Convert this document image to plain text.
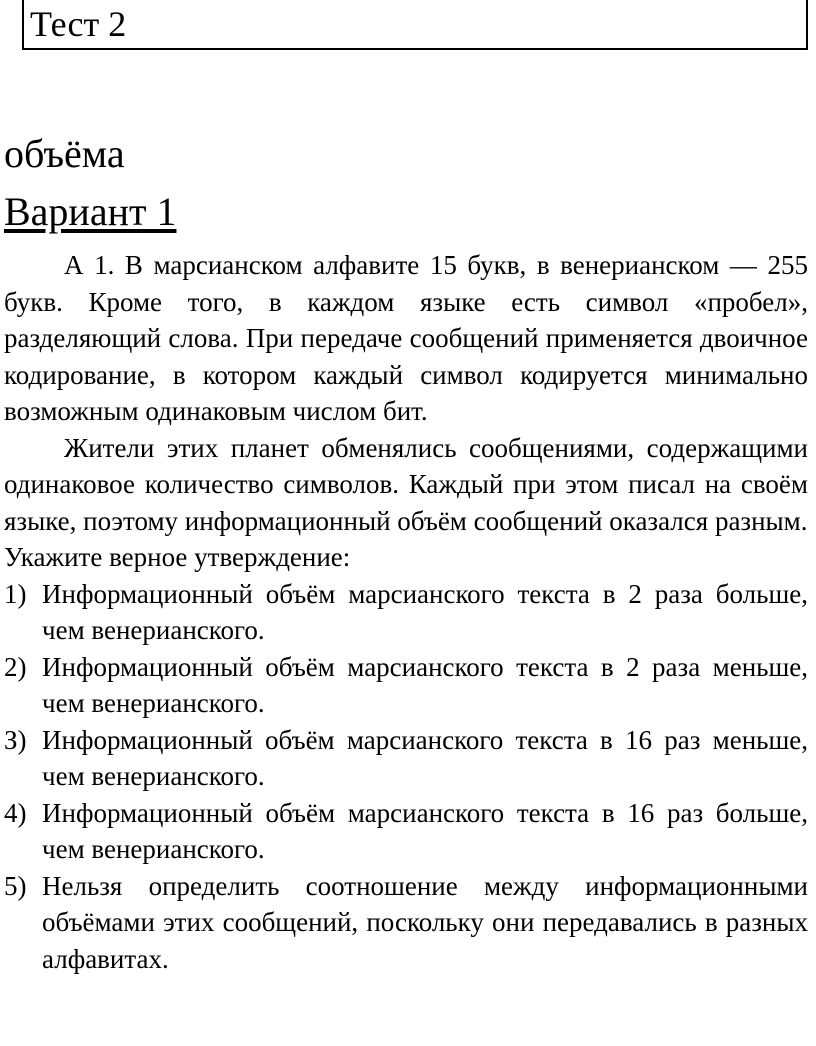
Тест 2
объёма
Вариант 1

А 1. В марсианском алфавите 15 букв, в венерианском — 255 букв. Кроме того, в каждом языке есть символ «пробел», разделяющий слова. При передаче сообщений применяется двоичное кодирование, в котором каждый символ кодируется минимально возможным одинаковым числом бит.

Жители этих планет обменялись сообщениями, содержащими одинаковое количество символов. Каждый при этом писал на своём языке, поэтому информационный объём сообщений оказался разным.

Укажите верное утверждение:

1) Информационный объём марсианского текста в 2 раза больше, чем венерианского.
2) Информационный объём марсианского текста в 2 раза меньше, чем венерианского.
З) Информационный объём марсианского текста в 16 раз меньше, чем венерианского.
4) Информационный объём марсианского текста в 16 раз больше, чем венерианского.
5) Нельзя определить соотношение между информационными объёмами этих сообщений, поскольку они передавались в разных алфавитах.
